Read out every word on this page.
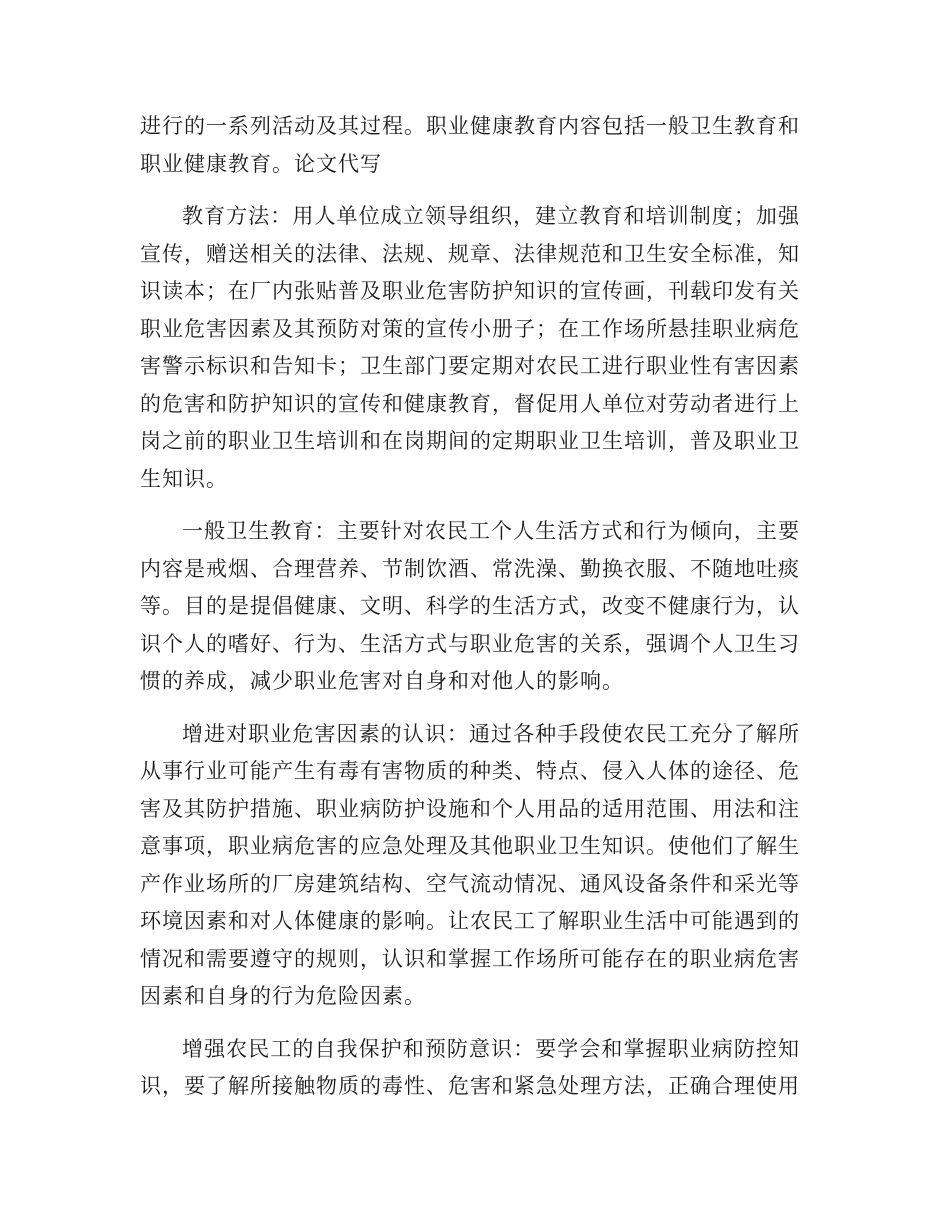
进行的一系列活动及其过程。职业健康教育内容包括一般卫生教育和
职业健康教育。论文代写
教育方法：用人单位成立领导组织，建立教育和培训制度；加强
宣传，赠送相关的法律、法规、规章、法律规范和卫生安全标准，知
识读本；在厂内张贴普及职业危害防护知识的宣传画，刊载印发有关
职业危害因素及其预防对策的宣传小册子；在工作场所悬挂职业病危
害警示标识和告知卡；卫生部门要定期对农民工进行职业性有害因素
的危害和防护知识的宣传和健康教育，督促用人单位对劳动者进行上
岗之前的职业卫生培训和在岗期间的定期职业卫生培训，普及职业卫
生知识。
一般卫生教育：主要针对农民工个人生活方式和行为倾向，主要
内容是戒烟、合理营养、节制饮酒、常洗澡、勤换衣服、不随地吐痰
等。目的是提倡健康、文明、科学的生活方式，改变不健康行为，认
识个人的嗜好、行为、生活方式与职业危害的关系，强调个人卫生习
惯的养成，减少职业危害对自身和对他人的影响。
增进对职业危害因素的认识：通过各种手段使农民工充分了解所
从事行业可能产生有毒有害物质的种类、特点、侵入人体的途径、危
害及其防护措施、职业病防护设施和个人用品的适用范围、用法和注
意事项，职业病危害的应急处理及其他职业卫生知识。使他们了解生
产作业场所的厂房建筑结构、空气流动情况、通风设备条件和采光等
环境因素和对人体健康的影响。让农民工了解职业生活中可能遇到的
情况和需要遵守的规则，认识和掌握工作场所可能存在的职业病危害
因素和自身的行为危险因素。
增强农民工的自我保护和预防意识：要学会和掌握职业病防控知
识，要了解所接触物质的毒性、危害和紧急处理方法，正确合理使用
